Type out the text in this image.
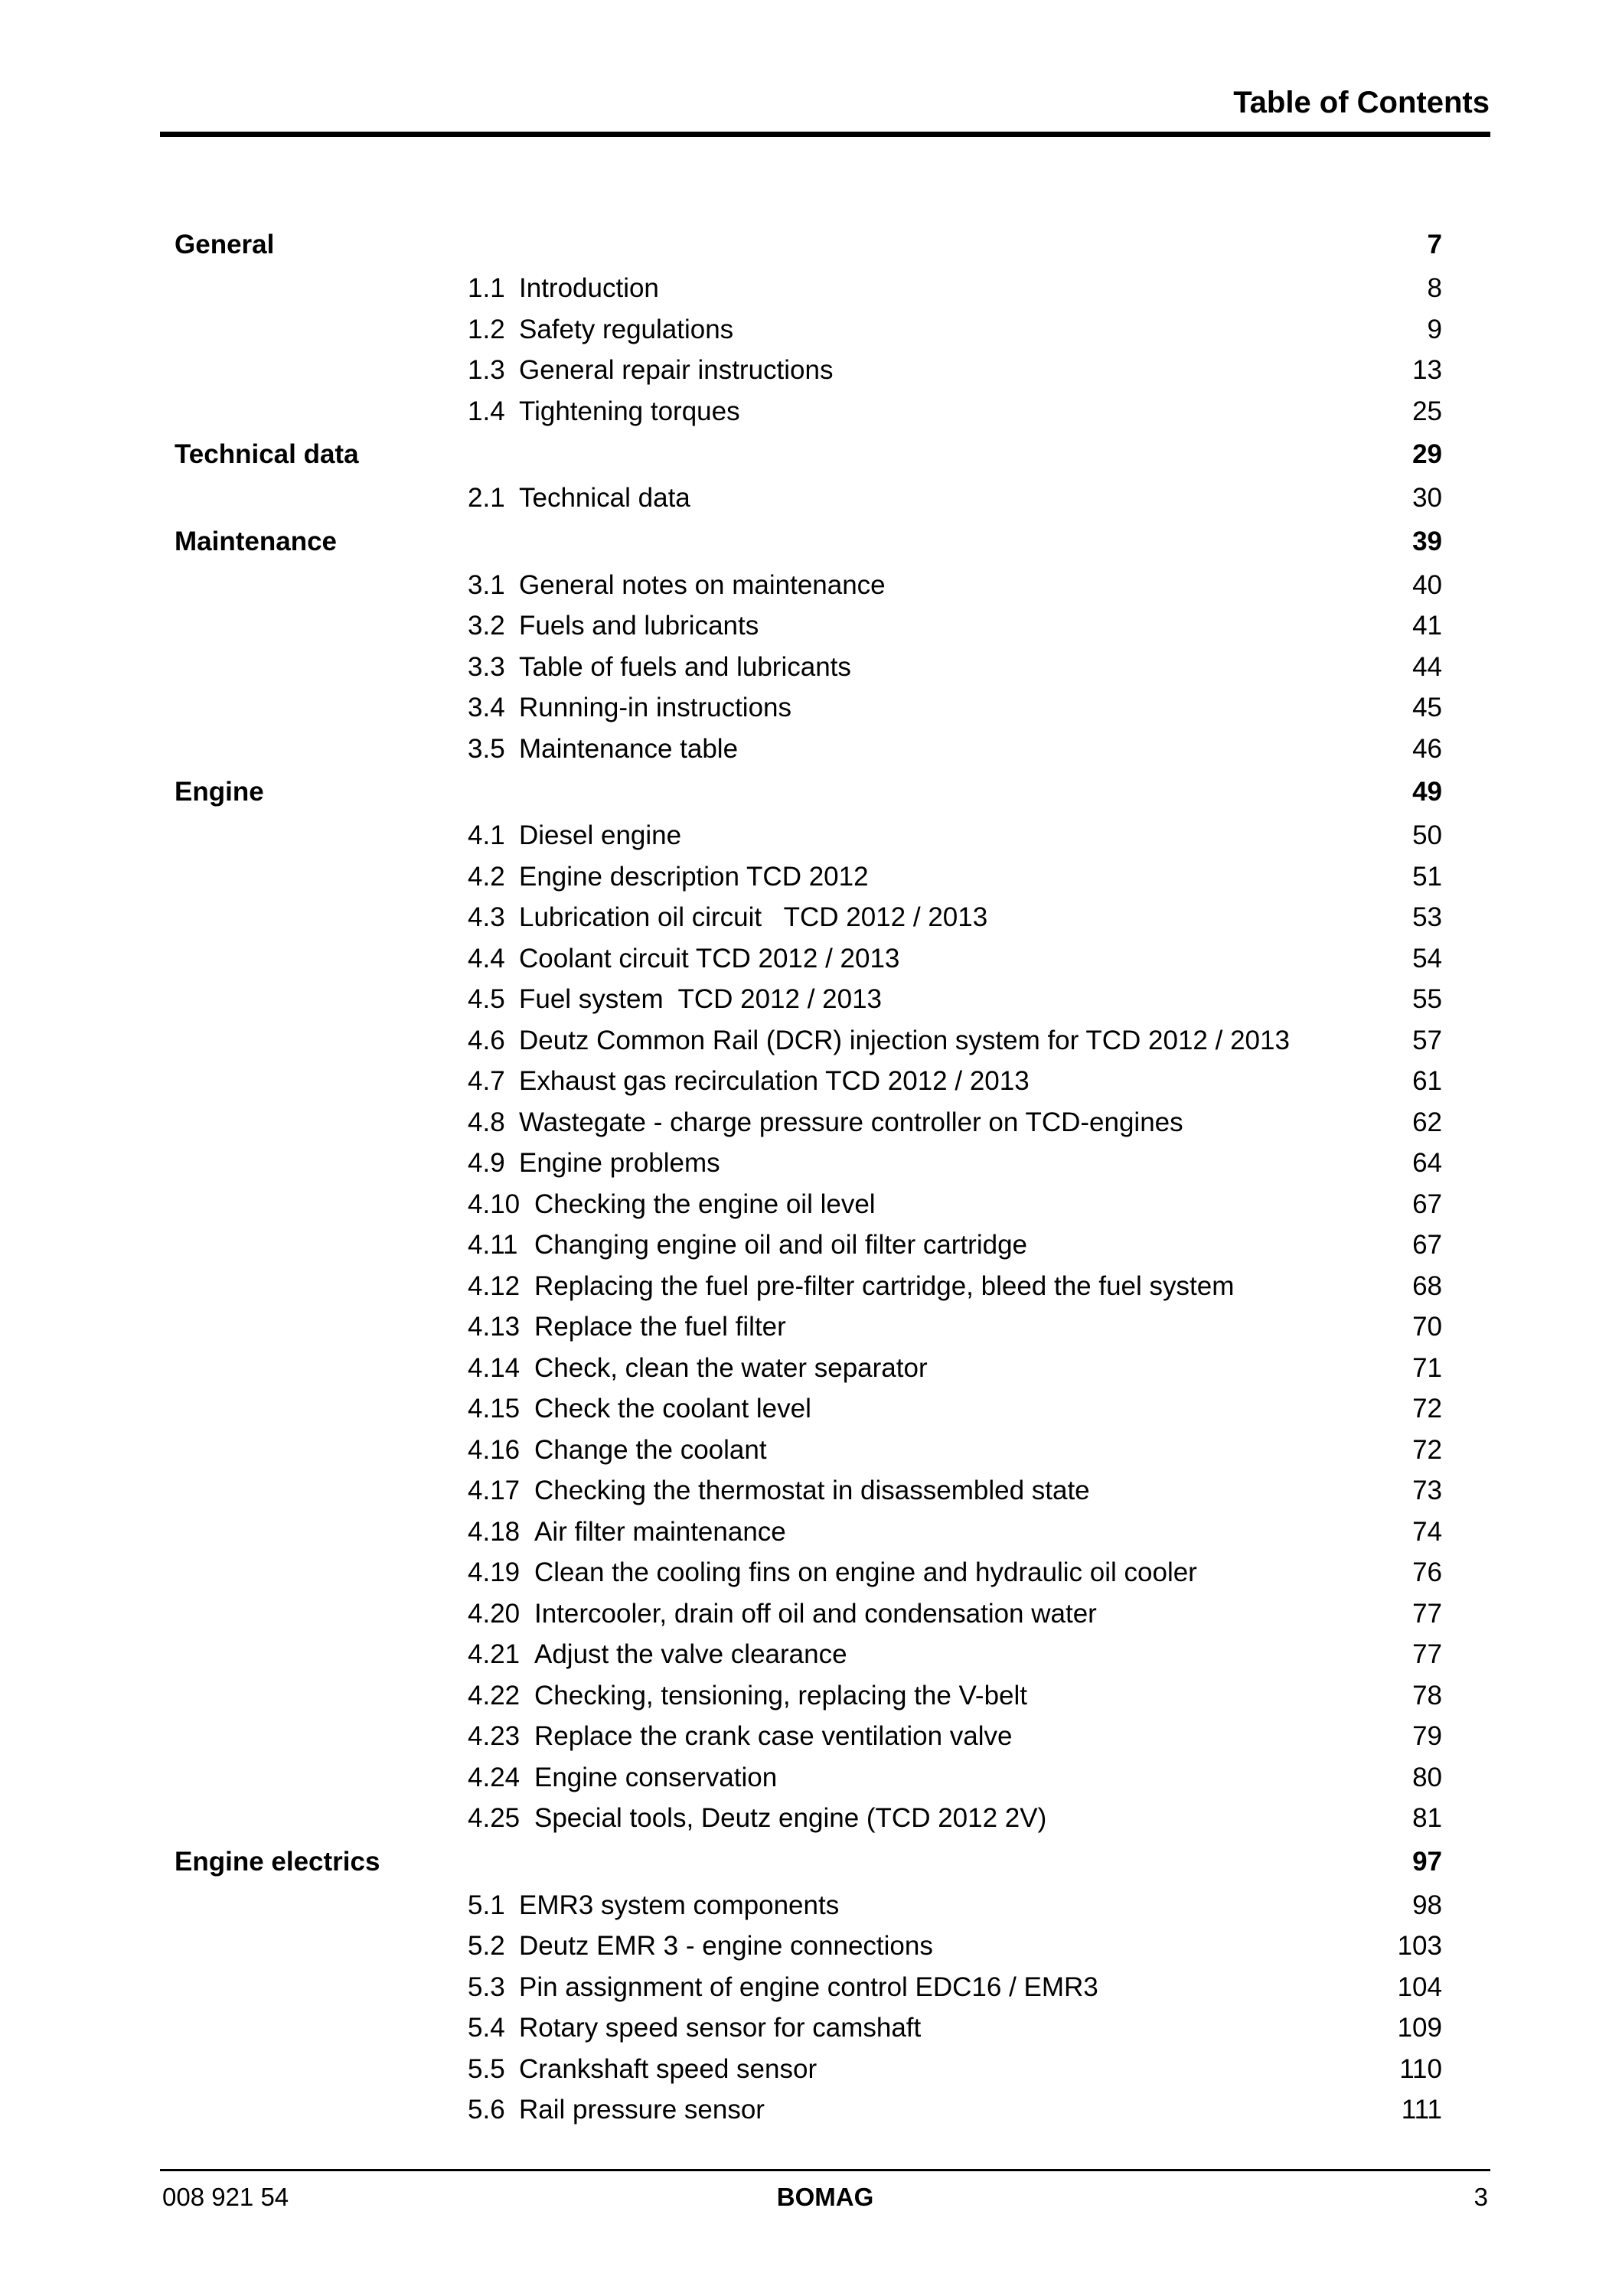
Table of Contents
General	7
1.1 Introduction	8
1.2 Safety regulations	9
1.3 General repair instructions	13
1.4 Tightening torques	25
Technical data	29
2.1 Technical data	30
Maintenance	39
3.1 General notes on maintenance	40
3.2 Fuels and lubricants	41
3.3 Table of fuels and lubricants	44
3.4 Running-in instructions	45
3.5 Maintenance table	46
Engine	49
4.1 Diesel engine	50
4.2 Engine description TCD 2012	51
4.3 Lubrication oil circuit   TCD 2012 / 2013	53
4.4 Coolant circuit TCD 2012 / 2013	54
4.5 Fuel system  TCD 2012 / 2013	55
4.6 Deutz Common Rail (DCR) injection system for TCD 2012 / 2013	57
4.7 Exhaust gas recirculation TCD 2012 / 2013	61
4.8 Wastegate - charge pressure controller on TCD-engines	62
4.9 Engine problems	64
4.10 Checking the engine oil level	67
4.11 Changing engine oil and oil filter cartridge	67
4.12 Replacing the fuel pre-filter cartridge, bleed the fuel system	68
4.13 Replace the fuel filter	70
4.14 Check, clean the water separator	71
4.15 Check the coolant level	72
4.16 Change the coolant	72
4.17 Checking the thermostat in disassembled state	73
4.18 Air filter maintenance	74
4.19 Clean the cooling fins on engine and hydraulic oil cooler	76
4.20 Intercooler, drain off oil and condensation water	77
4.21 Adjust the valve clearance	77
4.22 Checking, tensioning, replacing the V-belt	78
4.23 Replace the crank case ventilation valve	79
4.24 Engine conservation	80
4.25 Special tools, Deutz engine (TCD 2012 2V)	81
Engine electrics	97
5.1 EMR3 system components	98
5.2 Deutz EMR 3 - engine connections	103
5.3 Pin assignment of engine control EDC16 / EMR3	104
5.4 Rotary speed sensor for camshaft	109
5.5 Crankshaft speed sensor	110
5.6 Rail pressure sensor	111
008 921 54	BOMAG	3
